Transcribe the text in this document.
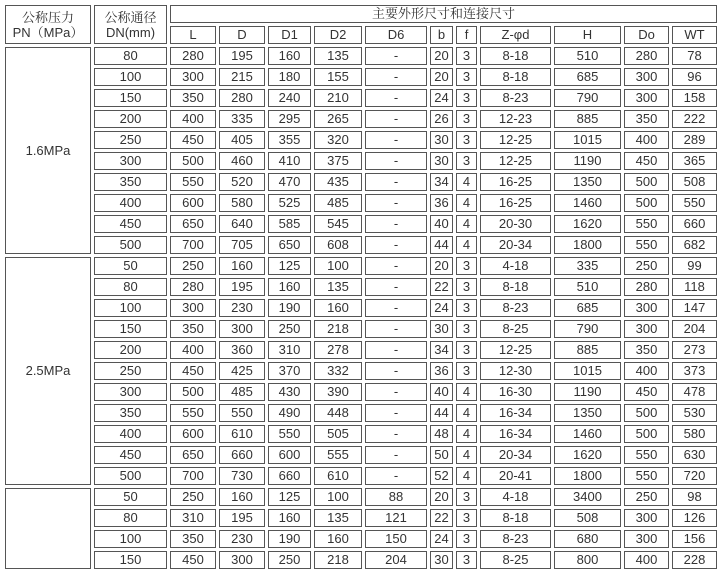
公称压力
PN（MPa）	公称通径
DN(mm)	主要外形尺寸和连接尺寸										
		L	D	D1	D2	D6	b	f	Z-φd	H	Do	WT
1.6MPa	80	280	195	160	135	-	20	3	8-18	510	280	78
	100	300	215	180	155	-	20	3	8-18	685	300	96
	150	350	280	240	210	-	24	3	8-23	790	300	158
	200	400	335	295	265	-	26	3	12-23	885	350	222
	250	450	405	355	320	-	30	3	12-25	1015	400	289
	300	500	460	410	375	-	30	3	12-25	1190	450	365
	350	550	520	470	435	-	34	4	16-25	1350	500	508
	400	600	580	525	485	-	36	4	16-25	1460	500	550
	450	650	640	585	545	-	40	4	20-30	1620	550	660
	500	700	705	650	608	-	44	4	20-34	1800	550	682
2.5MPa	50	250	160	125	100	-	20	3	4-18	335	250	99
	80	280	195	160	135	-	22	3	8-18	510	280	118
	100	300	230	190	160	-	24	3	8-23	685	300	147
	150	350	300	250	218	-	30	3	8-25	790	300	204
	200	400	360	310	278	-	34	3	12-25	885	350	273
	250	450	425	370	332	-	36	3	12-30	1015	400	373
	300	500	485	430	390	-	40	4	16-30	1190	450	478
	350	550	550	490	448	-	44	4	16-34	1350	500	530
	400	600	610	550	505	-	48	4	16-34	1460	500	580
	450	650	660	600	555	-	50	4	20-34	1620	550	630
	500	700	730	660	610	-	52	4	20-41	1800	550	720
	50	250	160	125	100	88	20	3	4-18	3400	250	98
	80	310	195	160	135	121	22	3	8-18	508	300	126
	100	350	230	190	160	150	24	3	8-23	680	300	156
	150	450	300	250	218	204	30	3	8-25	800	400	228
